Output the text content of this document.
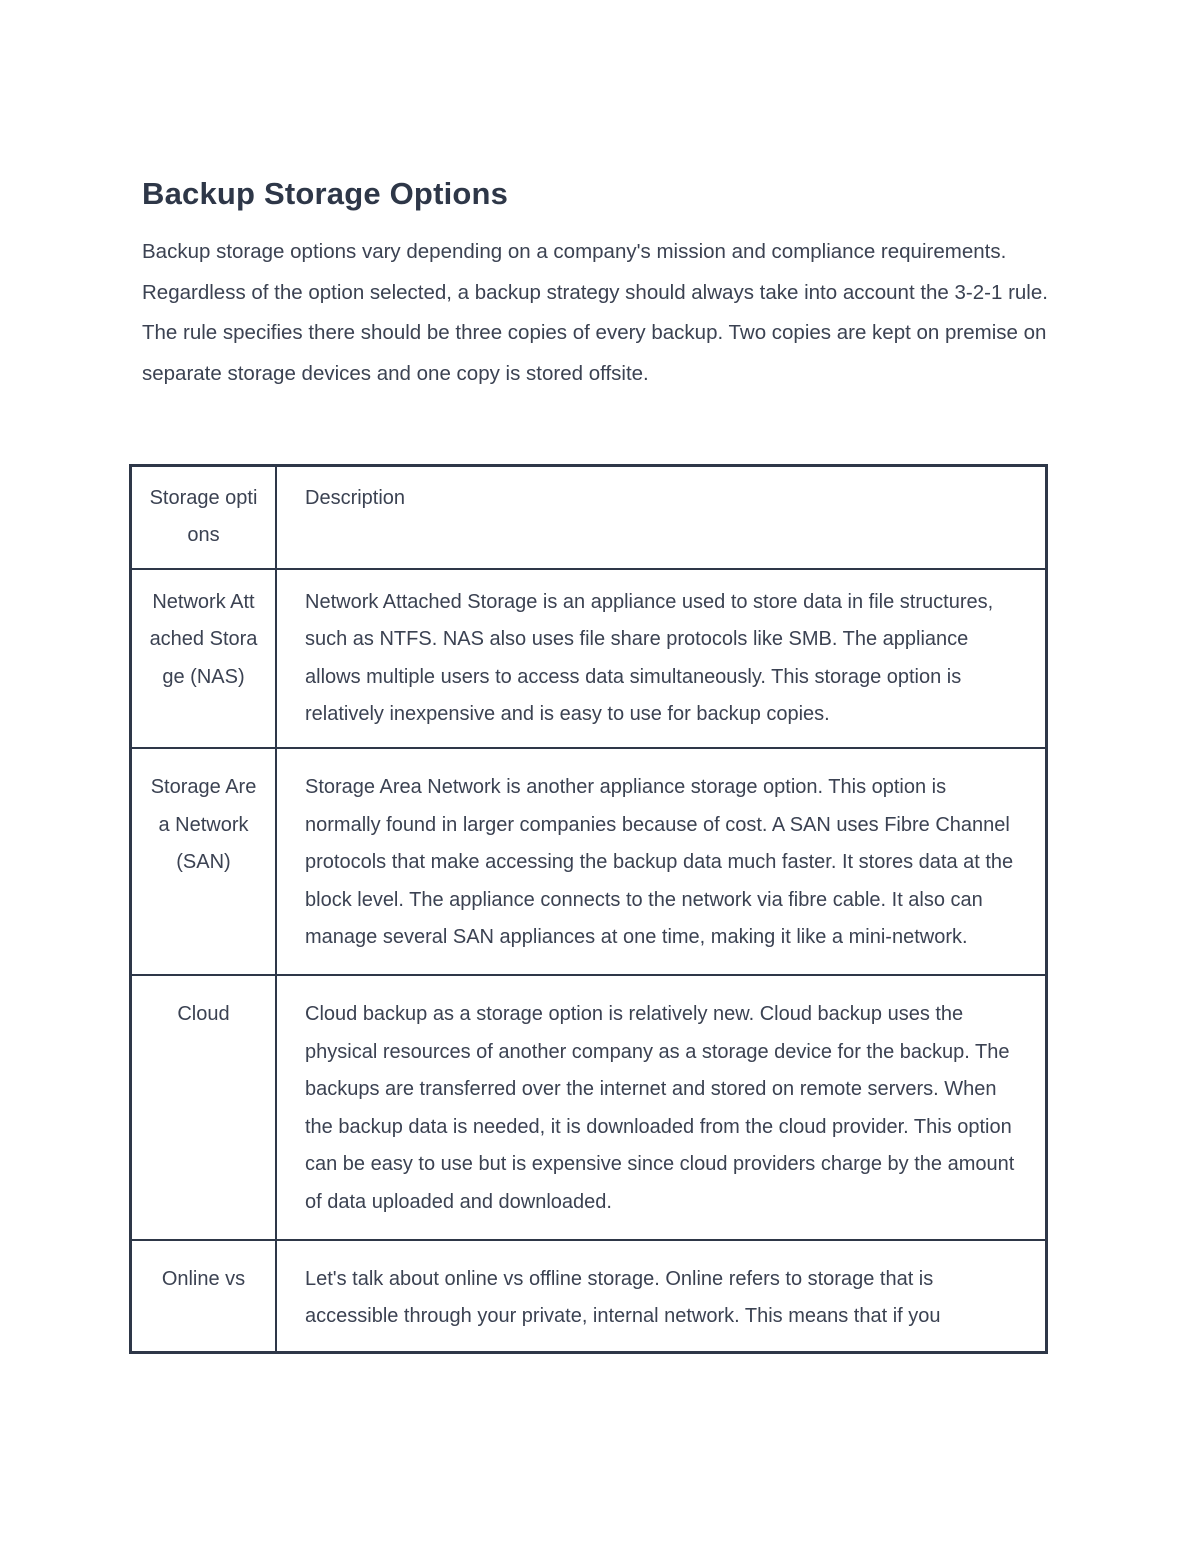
Backup Storage Options

Backup storage options vary depending on a company's mission and compliance requirements. Regardless of the option selected, a backup strategy should always take into account the 3-2-1 rule. The rule specifies there should be three copies of every backup. Two copies are kept on premise on separate storage devices and one copy is stored offsite.

Storage options	Description

Network Attached Storage (NAS)	Network Attached Storage is an appliance used to store data in file structures, such as NTFS. NAS also uses file share protocols like SMB. The appliance allows multiple users to access data simultaneously. This storage option is relatively inexpensive and is easy to use for backup copies.

Storage Area Network (SAN)	Storage Area Network is another appliance storage option. This option is normally found in larger companies because of cost. A SAN uses Fibre Channel protocols that make accessing the backup data much faster. It stores data at the block level. The appliance connects to the network via fibre cable. It also can manage several SAN appliances at one time, making it like a mini-network.

Cloud	Cloud backup as a storage option is relatively new. Cloud backup uses the physical resources of another company as a storage device for the backup. The backups are transferred over the internet and stored on remote servers. When the backup data is needed, it is downloaded from the cloud provider. This option can be easy to use but is expensive since cloud providers charge by the amount of data uploaded and downloaded.

Online vs	Let's talk about online vs offline storage. Online refers to storage that is accessible through your private, internal network. This means that if you
